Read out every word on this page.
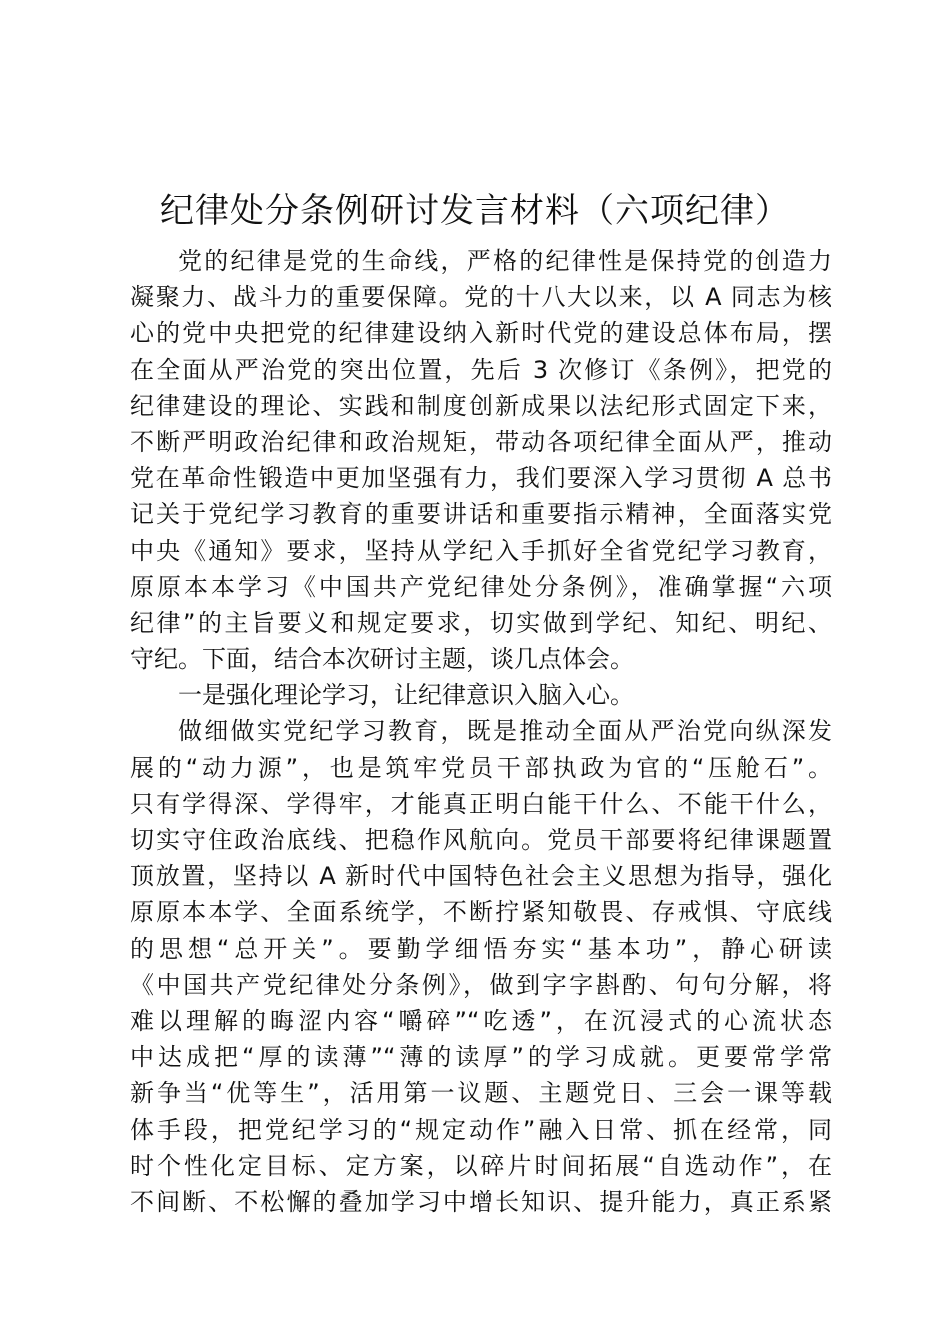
纪律处分条例研讨发言材料（六项纪律）
党的纪律是党的生命线，严格的纪律性是保持党的创造力
凝聚力、战斗力的重要保障。党的十八大以来，以 A 同志为核
心的党中央把党的纪律建设纳入新时代党的建设总体布局，摆
在全面从严治党的突出位置，先后 3 次修订《条例》，把党的
纪律建设的理论、实践和制度创新成果以法纪形式固定下来，
不断严明政治纪律和政治规矩，带动各项纪律全面从严，推动
党在革命性锻造中更加坚强有力，我们要深入学习贯彻 A 总书
记关于党纪学习教育的重要讲话和重要指示精神，全面落实党
中央《通知》要求，坚持从学纪入手抓好全省党纪学习教育，
原原本本学习《中国共产党纪律处分条例》，准确掌握“六项
纪律”的主旨要义和规定要求，切实做到学纪、知纪、明纪、
守纪。下面，结合本次研讨主题，谈几点体会。
一是强化理论学习，让纪律意识入脑入心。
做细做实党纪学习教育，既是推动全面从严治党向纵深发
展的“动力源”，也是筑牢党员干部执政为官的“压舱石”。
只有学得深、学得牢，才能真正明白能干什么、不能干什么，
切实守住政治底线、把稳作风航向。党员干部要将纪律课题置
顶放置，坚持以 A 新时代中国特色社会主义思想为指导，强化
原原本本学、全面系统学，不断拧紧知敬畏、存戒惧、守底线
的思想“总开关”。要勤学细悟夯实“基本功”，静心研读
《中国共产党纪律处分条例》，做到字字斟酌、句句分解，将
难以理解的晦涩内容“嚼碎”“吃透”，在沉浸式的心流状态
中达成把“厚的读薄”“薄的读厚”的学习成就。更要常学常
新争当“优等生”，活用第一议题、主题党日、三会一课等载
体手段，把党纪学习的“规定动作”融入日常、抓在经常，同
时个性化定目标、定方案，以碎片时间拓展“自选动作”，在
不间断、不松懈的叠加学习中增长知识、提升能力，真正系紧
